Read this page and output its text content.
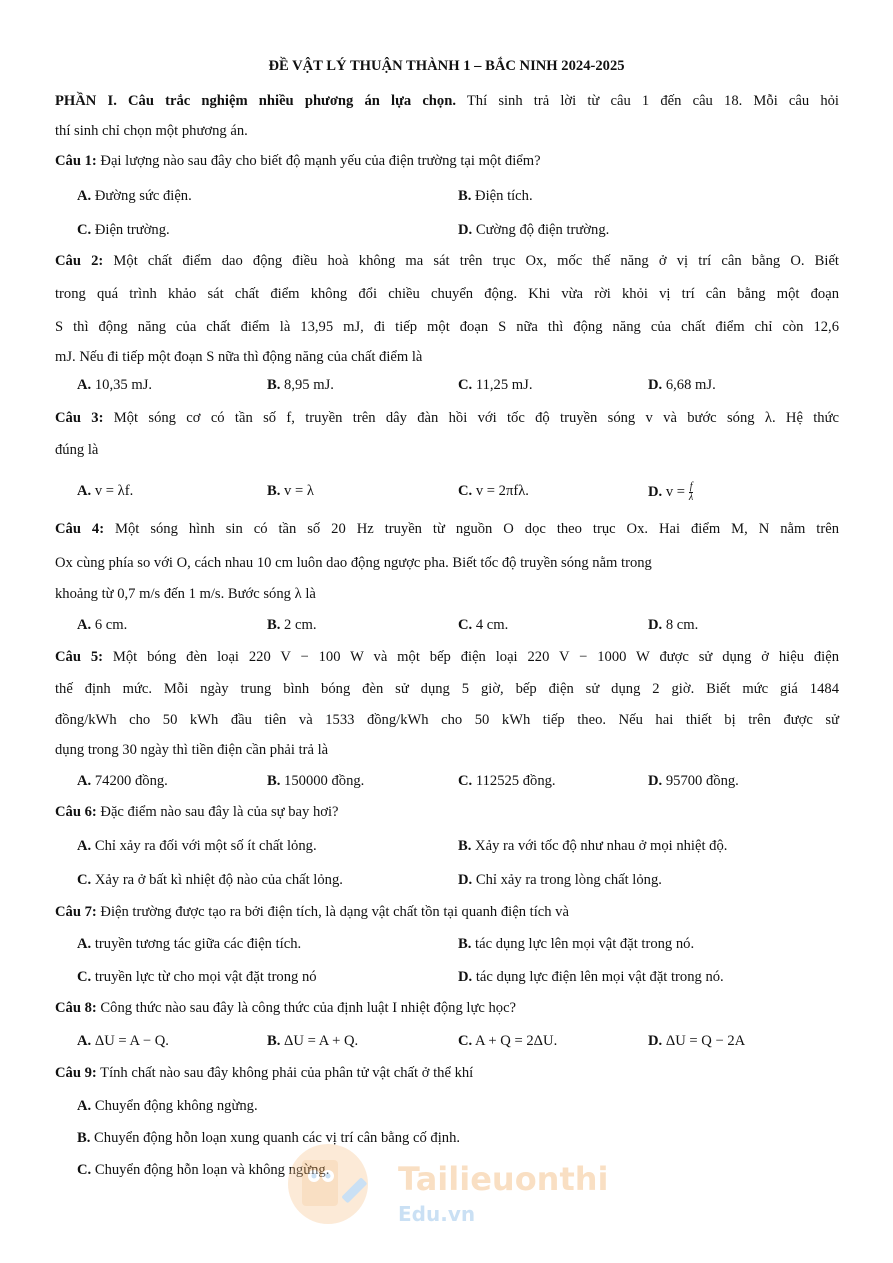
ĐỀ VẬT LÝ THUẬN THÀNH 1 – BẮC NINH 2024-2025
PHẦN I. Câu trắc nghiệm nhiều phương án lựa chọn. Thí sinh trả lời từ câu 1 đến câu 18. Mỗi câu hỏi
thí sinh chỉ chọn một phương án.
Câu 1: Đại lượng nào sau đây cho biết độ mạnh yếu của điện trường tại một điểm?
A. Đường sức điện.	B. Điện tích.
C. Điện trường.	D. Cường độ điện trường.
Câu 2: Một chất điểm dao động điều hoà không ma sát trên trục Ox, mốc thế năng ở vị trí cân bằng O. Biết
trong quá trình khảo sát chất điểm không đổi chiều chuyển động. Khi vừa rời khỏi vị trí cân bằng một đoạn
S thì động năng của chất điểm là 13,95 mJ, đi tiếp một đoạn S nữa thì động năng của chất điểm chỉ còn 12,6
mJ. Nếu đi tiếp một đoạn S nữa thì động năng của chất điểm là
A. 10,35 mJ.	B. 8,95 mJ.	C. 11,25 mJ.	D. 6,68 mJ.
Câu 3: Một sóng cơ có tần số f, truyền trên dây đàn hồi với tốc độ truyền sóng v và bước sóng λ. Hệ thức
đúng là
A. v = λf.	B. v = λ	C. v = 2πfλ.	D. $v = \frac{f}{\lambda}$
Câu 4: Một sóng hình sin có tần số 20 Hz truyền từ nguồn O dọc theo trục Ox. Hai điểm M, N nằm trên
Ox cùng phía so với O, cách nhau 10 cm luôn dao động ngược pha. Biết tốc độ truyền sóng nằm trong
khoảng từ 0,7 m/s đến 1 m/s. Bước sóng λ là
A. 6 cm.	B. 2 cm.	C. 4 cm.	D. 8 cm.
Câu 5: Một bóng đèn loại 220 V − 100 W và một bếp điện loại 220 V − 1000 W được sử dụng ở hiệu điện
thế định mức. Mỗi ngày trung bình bóng đèn sử dụng 5 giờ, bếp điện sử dụng 2 giờ. Biết mức giá 1484
đồng/kWh cho 50 kWh đầu tiên và 1533 đồng/kWh cho 50 kWh tiếp theo. Nếu hai thiết bị trên được sử
dụng trong 30 ngày thì tiền điện cần phải trả là
A. 74200 đồng.	B. 150000 đồng.	C. 112525 đồng.	D. 95700 đồng.
Câu 6: Đặc điểm nào sau đây là của sự bay hơi?
A. Chỉ xảy ra đối với một số ít chất lỏng.	B. Xảy ra với tốc độ như nhau ở mọi nhiệt độ.
C. Xảy ra ở bất kì nhiệt độ nào của chất lỏng.	D. Chỉ xảy ra trong lòng chất lỏng.
Câu 7: Điện trường được tạo ra bởi điện tích, là dạng vật chất tồn tại quanh điện tích và
A. truyền tương tác giữa các điện tích.	B. tác dụng lực lên mọi vật đặt trong nó.
C. truyền lực từ cho mọi vật đặt trong nó	D. tác dụng lực điện lên mọi vật đặt trong nó.
Câu 8: Công thức nào sau đây là công thức của định luật I nhiệt động lực học?
A. ΔU = A − Q.	B. ΔU = A + Q.	C. A + Q = 2ΔU.	D. ΔU = Q − 2A
Câu 9: Tính chất nào sau đây không phải của phân tử vật chất ở thể khí
A. Chuyển động không ngừng.
B. Chuyển động hỗn loạn xung quanh các vị trí cân bằng cố định.
C. Chuyển động hỗn loạn và không ngừng. Tailieuonthi
Edu.vn
